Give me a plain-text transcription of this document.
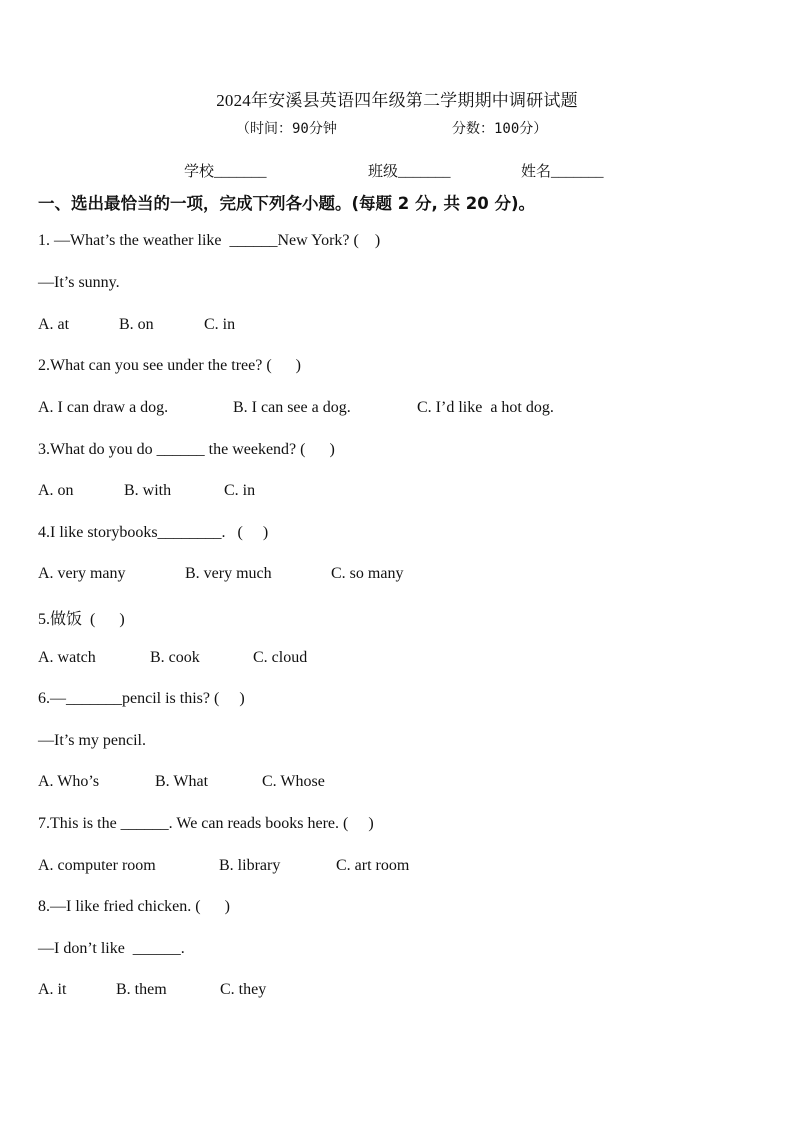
2024年安溪县英语四年级第二学期期中调研试题
（时间：90分钟	分数：100分）
学校_______	班级_______	姓名_______
一、选出最恰当的一项，完成下列各小题。(每题 2 分, 共 20 分)。
1. —What’s the weather like  ______New York? (    )
—It’s sunny.
A. at	B. on	C. in
2.What can you see under the tree? (      )
A. I can draw a dog.	B. I can see a dog.	C. I’d like  a hot dog.
3.What do you do ______ the weekend? (      )
A. on	B. with	C. in
4.I like storybooks________.   (     )
A. very many	B. very much	C. so many
5.做饭  (      )
A. watch	B. cook	C. cloud
6.—_______pencil is this? (     )
—It’s my pencil.
A. Who’s	B. What	C. Whose
7.This is the ______. We can reads books here. (     )
A. computer room	B. library	C. art room
8.—I like fried chicken. (      )
—I don’t like  ______.
A. it	B. them	C. they
